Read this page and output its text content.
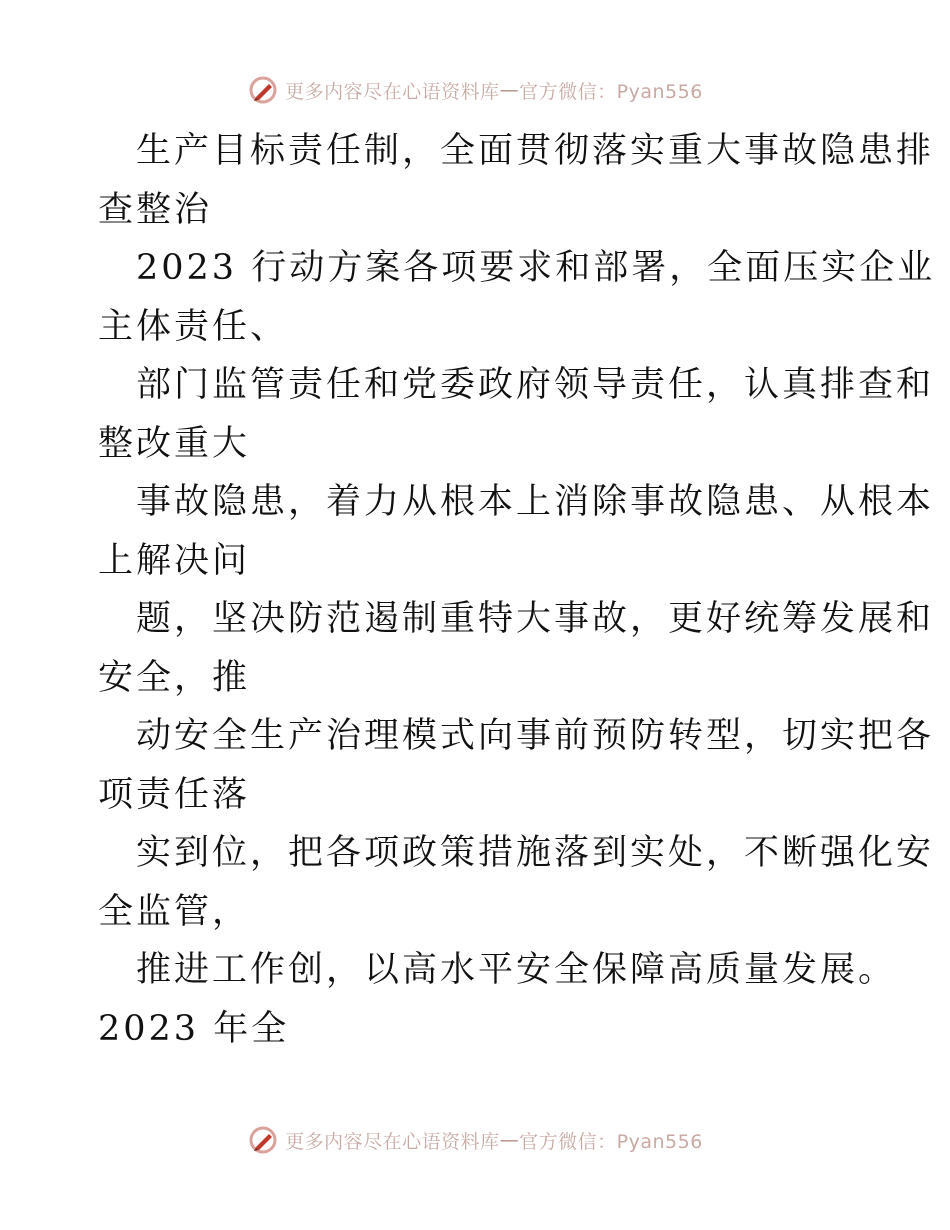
更多内容尽在心语资料库 — 官方微信：Pyan556
生产目标责任制，全面贯彻落实重大事故隐患排
查整治
2023 行动方案各项要求和部署，全面压实企业
主体责任、
部门监管责任和党委政府领导责任，认真排查和
整改重大
事故隐患，着力从根本上消除事故隐患、从根本
上解决问
题，坚决防范遏制重特大事故，更好统筹发展和
安全，推
动安全生产治理模式向事前预防转型，切实把各
项责任落
实到位，把各项政策措施落到实处，不断强化安
全监管，
推进工作创，以高水平安全保障高质量发展。
2023 年全
更多内容尽在心语资料库 — 官方微信：Pyan556
